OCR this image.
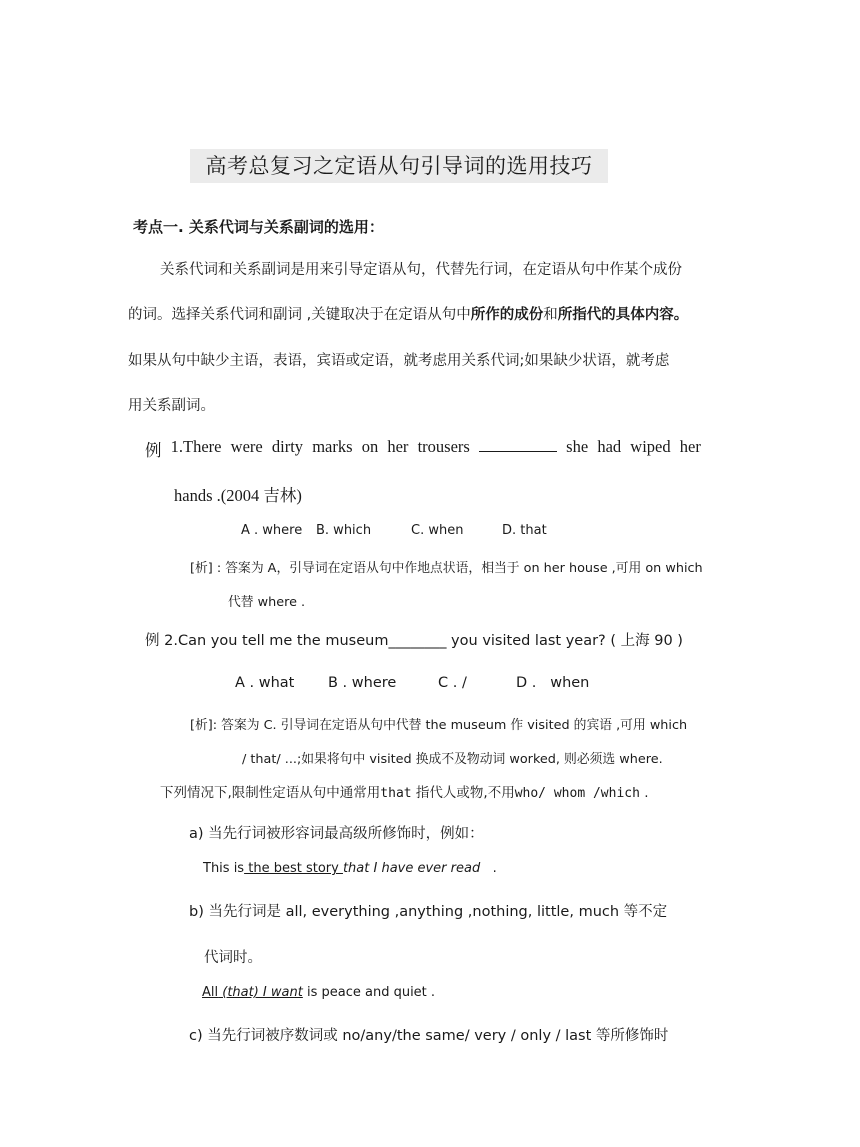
高考总复习之定语从句引导词的选用技巧
考点一. 关系代词与关系副词的选用：
关系代词和关系副词是用来引导定语从句，代替先行词，在定语从句中作某个成份
的词。选择关系代词和副词 ,关键取决于在定语从句中所作的成份和所指代的具体内容。
如果从句中缺少主语，表语，宾语或定语，就考虑用关系代词;如果缺少状语，就考虑
用关系副词。
例 1.There were dirty marks on her trousers	she had wiped her
hands .(2004 吉林)
A . where B. which	C. when	D. that
[析] : 答案为 A，引导词在定语从句中作地点状语，相当于 on her house ,可用 on which
代替 where .
例 2.Can you tell me the museum________ you visited last year? ( 上海 90 )
A . what B . where	C . /	D .   when
[析]: 答案为 C. 引导词在定语从句中代替 the museum 作 visited 的宾语 ,可用 which
/ that/ ...;如果将句中 visited 换成不及物动词 worked, 则必须选 where.
下列情况下,限制性定语从句中通常用that 指代人或物,不用who/ whom /which .
a) 当先行词被形容词最高级所修饰时，例如：
This is the best story that I have ever read   .
b) 当先行词是 all, everything ,anything ,nothing, little, much 等不定
代词时。
All (that) I want is peace and quiet .
c) 当先行词被序数词或 no/any/the same/ very / only / last 等所修饰时
